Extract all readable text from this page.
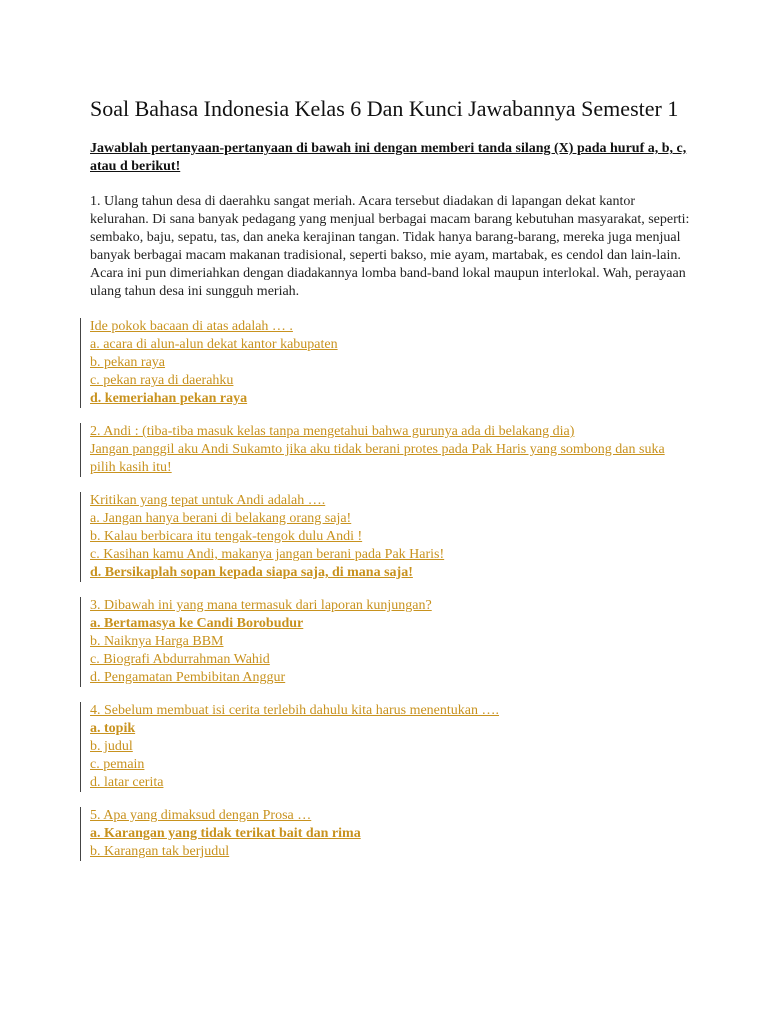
Soal Bahasa Indonesia Kelas 6 Dan Kunci Jawabannya Semester 1
Jawablah pertanyaan-pertanyaan di bawah ini dengan memberi tanda silang (X) pada huruf a, b, c, atau d berikut!
1. Ulang tahun desa di daerahku sangat meriah. Acara tersebut diadakan di lapangan dekat kantor kelurahan. Di sana banyak pedagang yang menjual berbagai macam barang kebutuhan masyarakat, seperti: sembako, baju, sepatu, tas, dan aneka kerajinan tangan. Tidak hanya barang-barang, mereka juga menjual banyak berbagai macam makanan tradisional, seperti bakso, mie ayam, martabak, es cendol dan lain-lain. Acara ini pun dimeriahkan dengan diadakannya lomba band-band lokal maupun interlokal. Wah, perayaan ulang tahun desa ini sungguh meriah.
Ide pokok bacaan di atas adalah … .
a. acara di alun-alun dekat kantor kabupaten
b. pekan raya
c. pekan raya di daerahku
d. kemeriahan pekan raya
2. Andi : (tiba-tiba masuk kelas tanpa mengetahui bahwa gurunya ada di belakang dia)
Jangan panggil aku Andi Sukamto jika aku tidak berani protes pada Pak Haris yang sombong dan suka pilih kasih itu!
Kritikan yang tepat untuk Andi adalah ….
a. Jangan hanya berani di belakang orang saja!
b. Kalau berbicara itu tengak-tengok dulu Andi !
c. Kasihan kamu Andi, makanya jangan berani pada Pak Haris!
d. Bersikaplah sopan kepada siapa saja, di mana saja!
3. Dibawah ini yang mana termasuk dari laporan kunjungan?
a. Bertamasya ke Candi Borobudur
b. Naiknya Harga BBM
c. Biografi Abdurrahman Wahid
d. Pengamatan Pembibitan Anggur
4. Sebelum membuat isi cerita terlebih dahulu kita harus menentukan ….
a. topik
b. judul
c. pemain
d. latar cerita
5. Apa yang dimaksud dengan Prosa …
a. Karangan yang tidak terikat bait dan rima
b. Karangan tak berjudul
